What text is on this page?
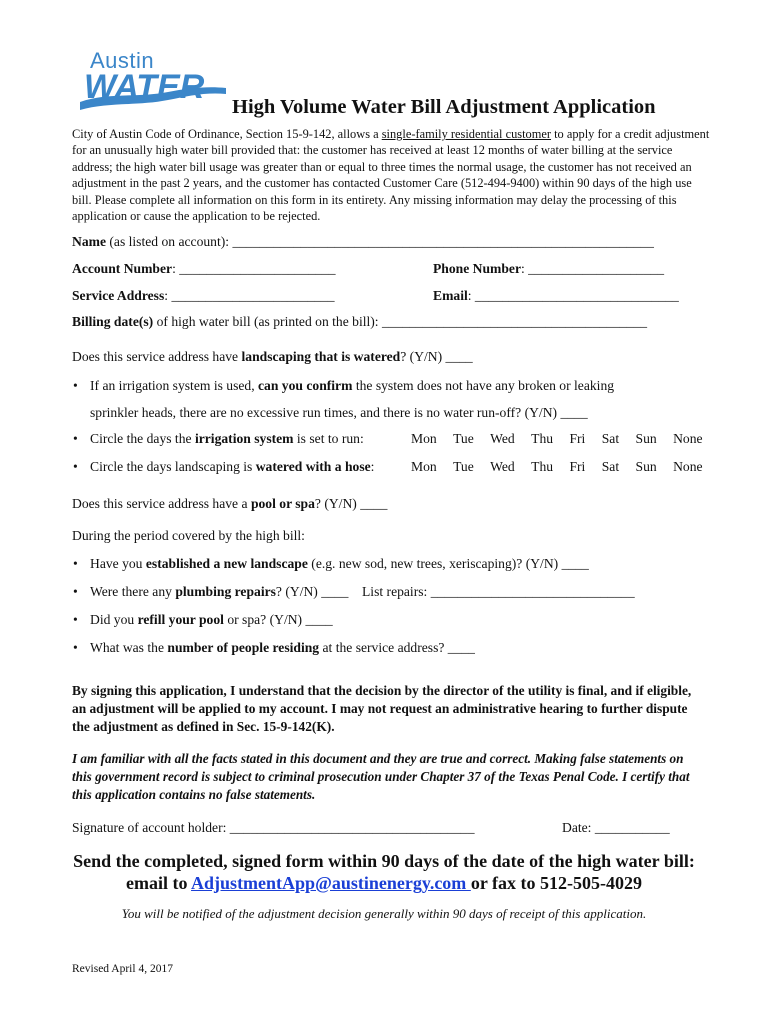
Austin
WATER
High Volume Water Bill Adjustment Application
City of Austin Code of Ordinance, Section 15-9-142, allows a single-family residential customer to apply for a credit adjustment for an unusually high water bill provided that: the customer has received at least 12 months of water billing at the service address; the high water bill usage was greater than or equal to three times the normal usage, the customer has not received an adjustment in the past 2 years, and the customer has contacted Customer Care (512-494-9400) within 90 days of the high use bill. Please complete all information on this form in its entirety. Any missing information may delay the processing of this application or cause the application to be rejected.
Name (as listed on account): ______________________________________________________________
Account Number: _______________________	Phone Number: ____________________
Service Address: ________________________	Email: ______________________________
Billing date(s) of high water bill (as printed on the bill): _______________________________________
Does this service address have landscaping that is watered? (Y/N) ____
• If an irrigation system is used, can you confirm the system does not have any broken or leaking
sprinkler heads, there are no excessive run times, and there is no water run-off? (Y/N) ____
• Circle the days the irrigation system is set to run:	Mon Tue Wed Thu Fri Sat Sun None
• Circle the days landscaping is watered with a hose:	Mon Tue Wed Thu Fri Sat Sun None
Does this service address have a pool or spa? (Y/N) ____
During the period covered by the high bill:
• Have you established a new landscape (e.g. new sod, new trees, xeriscaping)? (Y/N) ____
• Were there any plumbing repairs? (Y/N) ____    List repairs: ______________________________
• Did you refill your pool or spa? (Y/N) ____
• What was the number of people residing at the service address? ____
By signing this application, I understand that the decision by the director of the utility is final, and if eligible, an adjustment will be applied to my account. I may not request an administrative hearing to further dispute the adjustment as defined in Sec. 15-9-142(K).
I am familiar with all the facts stated in this document and they are true and correct. Making false statements on this government record is subject to criminal prosecution under Chapter 37 of the Texas Penal Code. I certify that this application contains no false statements.
Signature of account holder: ____________________________________	Date: ___________
Send the completed, signed form within 90 days of the date of the high water bill:
email to AdjustmentApp@austinenergy.com or fax to 512-505-4029
You will be notified of the adjustment decision generally within 90 days of receipt of this application.
Revised April 4, 2017
